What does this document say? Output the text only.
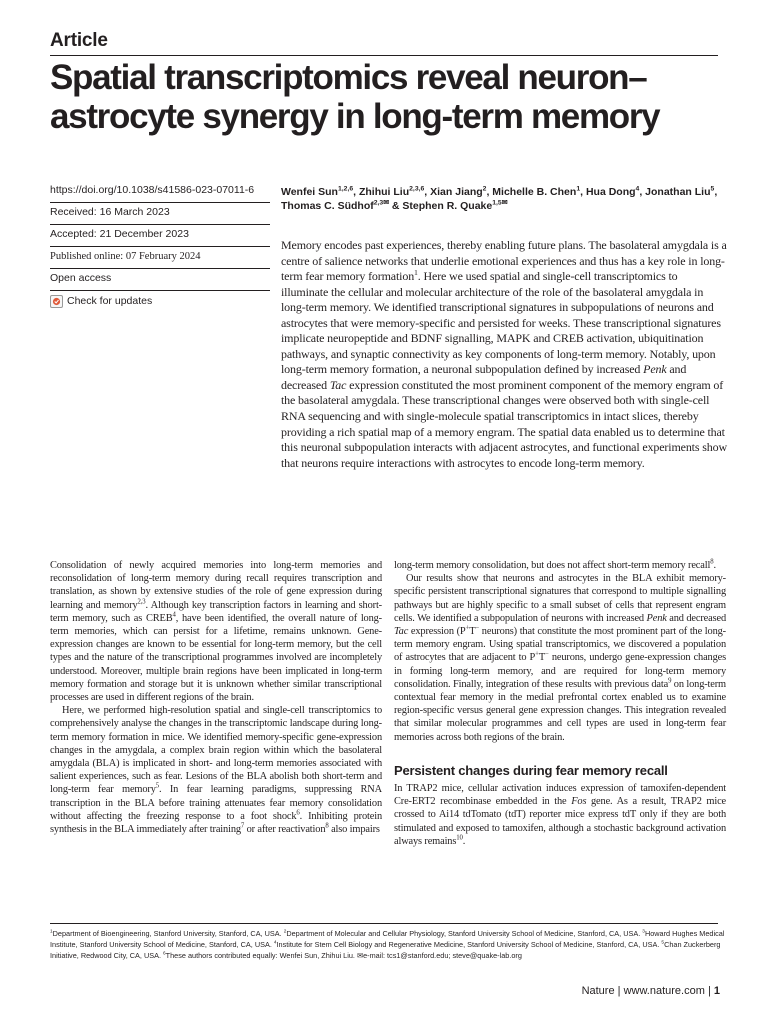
Article
Spatial transcriptomics reveal neuron–astrocyte synergy in long-term memory
https://doi.org/10.1038/s41586-023-07011-6
Received: 16 March 2023
Accepted: 21 December 2023
Published online: 07 February 2024
Open access
Check for updates

Wenfei Sun$^{1,2,6}$, Zhihui Liu$^{2,3,6}$, Xian Jiang$^2$, Michelle B. Chen$^1$, Hua Dong$^4$, Jonathan Liu$^5$,
Thomas C. Südhof$^{2,3✉}$ & Stephen R. Quake$^{1,5✉}$

Memory encodes past experiences, thereby enabling future plans. The basolateral amygdala is a centre of salience networks that underlie emotional experiences and thus has a key role in long-term fear memory formation$^1$. Here we used spatial and single-cell transcriptomics to illuminate the cellular and molecular architecture of the role of the basolateral amygdala in long-term memory. We identified transcriptional signatures in subpopulations of neurons and astrocytes that were memory-specific and persisted for weeks. These transcriptional signatures implicate neuropeptide and BDNF signalling, MAPK and CREB activation, ubiquitination pathways, and synaptic connectivity as key components of long-term memory. Notably, upon long-term memory formation, a neuronal subpopulation defined by increased Penk and decreased Tac expression constituted the most prominent component of the memory engram of the basolateral amygdala. These transcriptional changes were observed both with single-cell RNA sequencing and with single-molecule spatial transcriptomics in intact slices, thereby providing a rich spatial map of a memory engram. The spatial data enabled us to determine that this neuronal subpopulation interacts with adjacent astrocytes, and functional experiments show that neurons require interactions with astrocytes to encode long-term memory.

Consolidation of newly acquired memories into long-term memories and reconsolidation of long-term memory during recall requires transcription and translation, as shown by extensive studies of the role of gene expression during learning and memory$^{2,3}$. Although key transcription factors in learning and short-term memory, such as CREB$^4$, have been identified, the overall nature of long-term memories, which can persist for a lifetime, remains unknown. Gene-expression changes are known to be essential for long-term memory, but the cell types and the nature of the transcriptional programmes involved are incompletely understood. Moreover, multiple brain regions have been implicated in long-term memory formation and storage but it is unknown whether similar transcriptional processes are used in different regions of the brain.

Here, we performed high-resolution spatial and single-cell transcriptomics to comprehensively analyse the changes in the transcriptomic landscape during long-term memory formation in mice. We identified memory-specific gene-expression changes in the amygdala, a complex brain region within which the basolateral amygdala (BLA) is implicated in short- and long-term memories associated with salient experiences, such as fear. Lesions of the BLA abolish both short-term and long-term fear memory$^5$. In fear learning paradigms, suppressing RNA transcription in the BLA before training attenuates fear memory consolidation without affecting the freezing response to a foot shock$^6$. Inhibiting protein synthesis in the BLA immediately after training$^7$ or after reactivation$^8$ also impairs

long-term memory consolidation, but does not affect short-term memory recall$^8$.

Our results show that neurons and astrocytes in the BLA exhibit memory-specific persistent transcriptional signatures that correspond to multiple signalling pathways but are highly specific to a small subset of cells that represent engram cells. We identified a subpopulation of neurons with increased Penk and decreased Tac expression (P+T− neurons) that constitute the most prominent part of the long-term memory engram. Using spatial transcriptomics, we discovered a population of astrocytes that are adjacent to P+T− neurons, undergo gene-expression changes in forming long-term memory, and are required for long-term memory consolidation. Finally, integration of these results with previous data$^9$ on long-term contextual fear memory in the medial prefrontal cortex enabled us to examine region-specific versus general gene expression changes. This integration revealed that similar molecular programmes and cell types are used in long-term fear memories across both regions of the brain.

Persistent changes during fear memory recall

In TRAP2 mice, cellular activation induces expression of tamoxifen-dependent Cre-ERT2 recombinase embedded in the Fos gene. As a result, TRAP2 mice crossed to Ai14 tdTomato (tdT) reporter mice express tdT only if they are both stimulated and exposed to tamoxifen, although a stochastic background activation always remains$^{10}$.

$^1$Department of Bioengineering, Stanford University, Stanford, CA, USA. $^2$Department of Molecular and Cellular Physiology, Stanford University School of Medicine, Stanford, CA, USA. $^3$Howard Hughes Medical Institute, Stanford University School of Medicine, Stanford, CA, USA. $^4$Institute for Stem Cell Biology and Regenerative Medicine, Stanford University School of Medicine, Stanford, CA, USA. $^5$Chan Zuckerberg Initiative, Redwood City, CA, USA. $^6$These authors contributed equally: Wenfei Sun, Zhihui Liu. ✉e-mail: tcs1@stanford.edu; steve@quake-lab.org

Nature | www.nature.com | 1
